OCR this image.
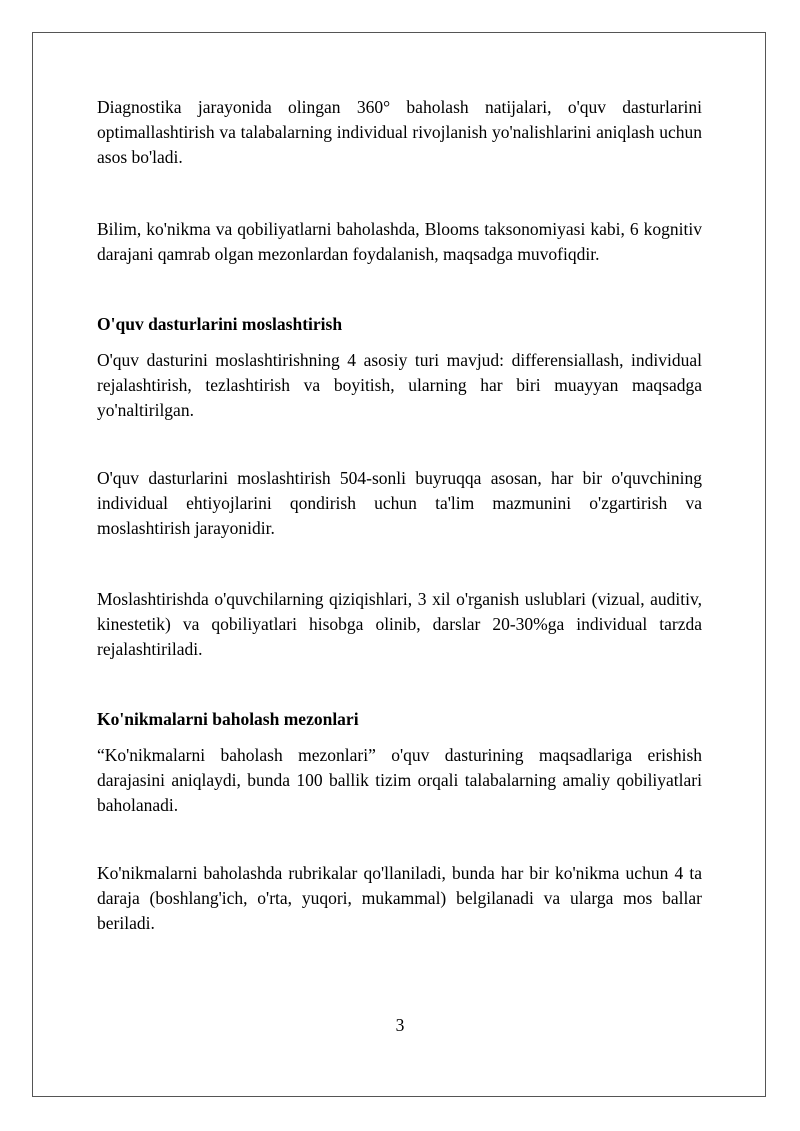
Diagnostika jarayonida olingan 360° baholash natijalari, o'quv dasturlarini optimallashtirish va talabalarning individual rivojlanish yo'nalishlarini aniqlash uchun asos bo'ladi.

Bilim, ko'nikma va qobiliyatlarni baholashda, Blooms taksonomiyasi kabi, 6 kognitiv darajani qamrab olgan mezonlardan foydalanish, maqsadga muvofiqdir.

O'quv dasturlarini moslashtirish

O'quv dasturini moslashtirishning 4 asosiy turi mavjud: differensiallash, individual rejalashtirish, tezlashtirish va boyitish, ularning har biri muayyan maqsadga yo'naltirilgan.

O'quv dasturlarini moslashtirish 504-sonli buyruqqa asosan, har bir o'quvchining individual ehtiyojlarini qondirish uchun ta'lim mazmunini o'zgartirish va moslashtirish jarayonidir.

Moslashtirishda o'quvchilarning qiziqishlari, 3 xil o'rganish uslublari (vizual, auditiv, kinestetik) va qobiliyatlari hisobga olinib, darslar 20-30%ga individual tarzda rejalashtiriladi.

Ko'nikmalarni baholash mezonlari

“Ko'nikmalarni baholash mezonlari” o'quv dasturining maqsadlariga erishish darajasini aniqlaydi, bunda 100 ballik tizim orqali talabalarning amaliy qobiliyatlari baholanadi.

Ko'nikmalarni baholashda rubrikalar qo'llaniladi, bunda har bir ko'nikma uchun 4 ta daraja (boshlang'ich, o'rta, yuqori, mukammal) belgilanadi va ularga mos ballar beriladi.

3
